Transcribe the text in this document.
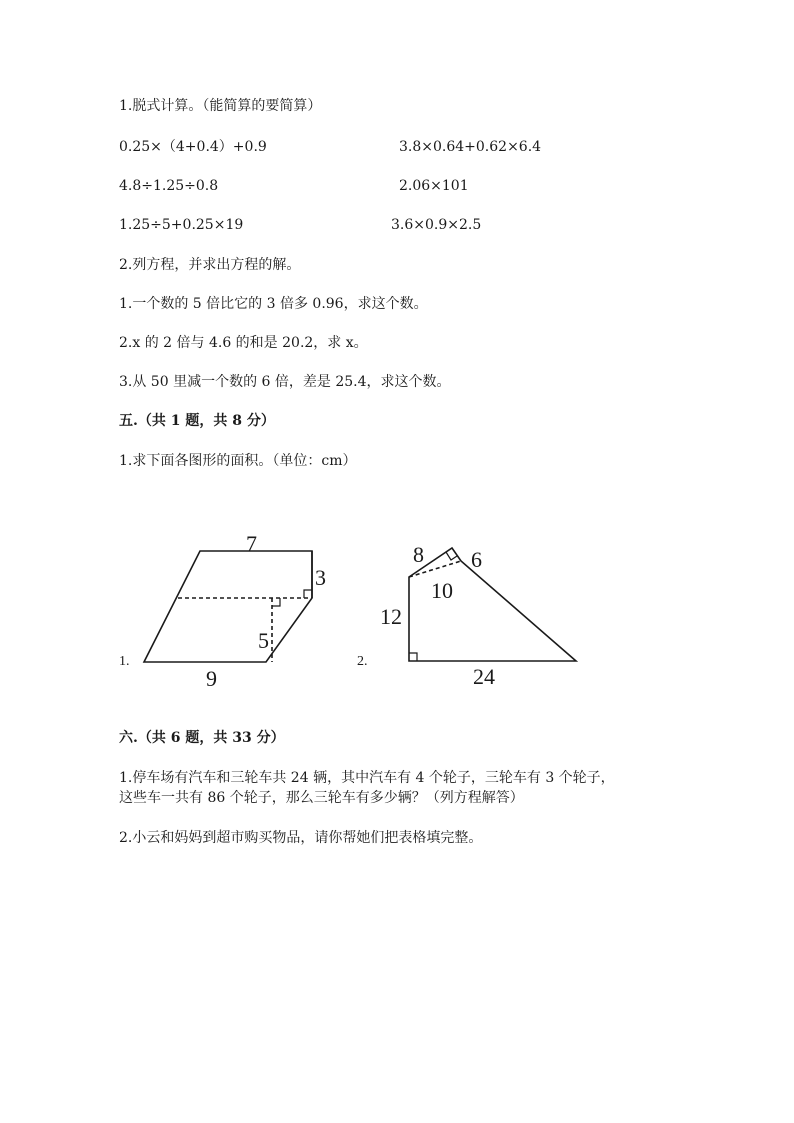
1.脱式计算。（能简算的要简算）
0.25×（4+0.4）+0.9	3.8×0.64+0.62×6.4
4.8÷1.25÷0.8	2.06×101
1.25÷5+0.25×19	3.6×0.9×2.5
2.列方程，并求出方程的解。
1.一个数的 5 倍比它的 3 倍多 0.96，求这个数。
2.x 的 2 倍与 4.6 的和是 20.2，求 x。
3.从 50 里减一个数的 6 倍，差是 25.4，求这个数。
五.（共 1 题，共 8 分）
1.求下面各图形的面积。（单位：cm）
1.
7
3
5
9
2.
8 6
10
12
24
六.（共 6 题，共 33 分）
1.停车场有汽车和三轮车共 24 辆，其中汽车有 4 个轮子，三轮车有 3 个轮子，
这些车一共有 86 个轮子，那么三轮车有多少辆？（列方程解答）
2.小云和妈妈到超市购买物品，请你帮她们把表格填完整。
